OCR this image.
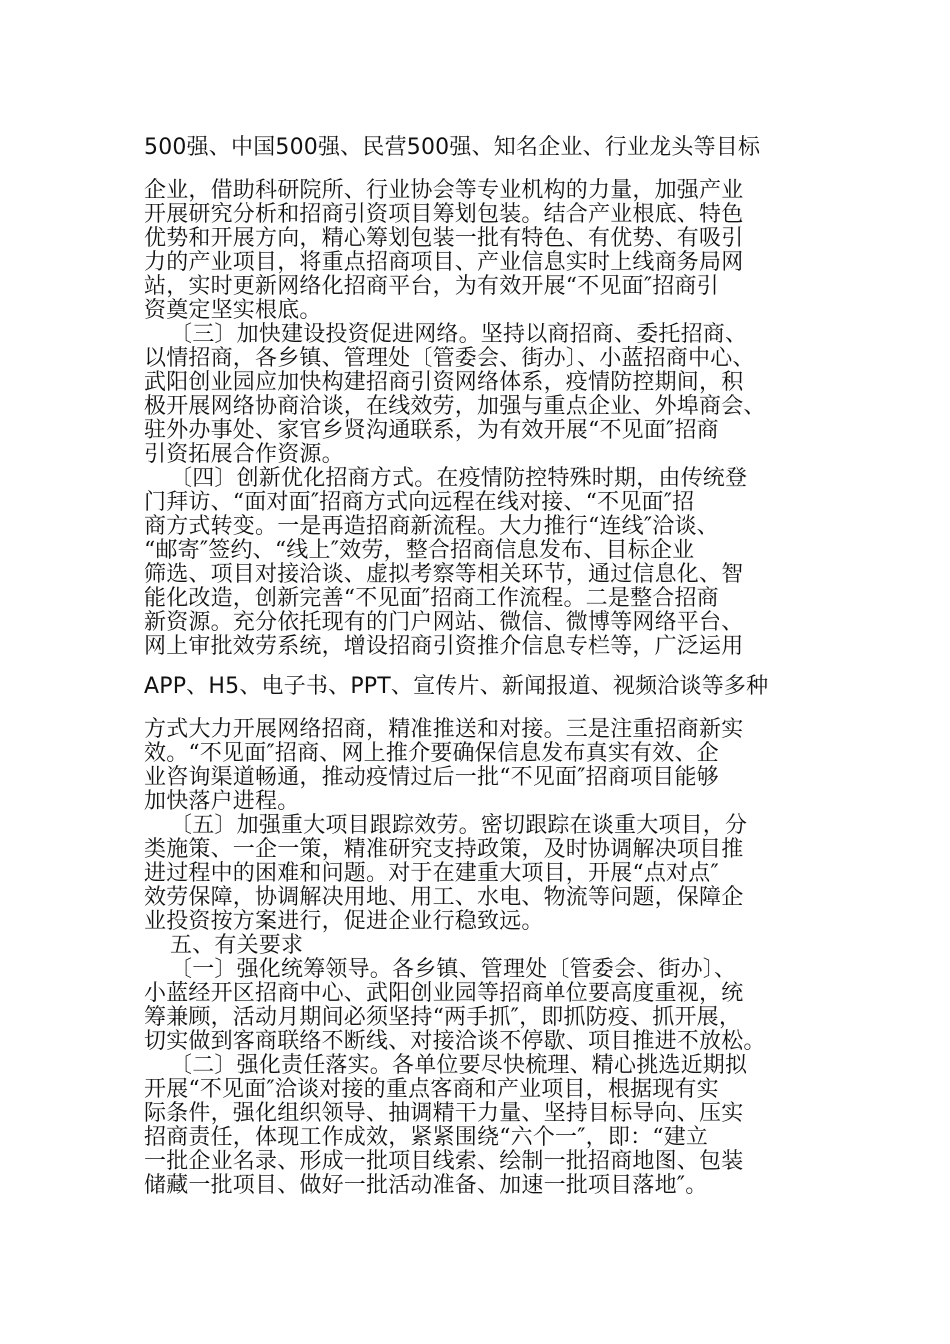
500强、中国500强、民营500强、知名企业、行业龙头等目标
企业，借助科研院所、行业协会等专业机构的力量，加强产业
开展研究分析和招商引资项目筹划包装。结合产业根底、特色
优势和开展方向，精心筹划包装一批有特色、有优势、有吸引
力的产业项目，将重点招商项目、产业信息实时上线商务局网
站，实时更新网络化招商平台，为有效开展“不见面″招商引
资奠定坚实根底。
〔三〕加快建设投资促进网络。坚持以商招商、委托招商、
以情招商，各乡镇、管理处〔管委会、街办〕、小蓝招商中心、
武阳创业园应加快构建招商引资网络体系，疫情防控期间，积
极开展网络协商洽谈，在线效劳，加强与重点企业、外埠商会、
驻外办事处、家官乡贤沟通联系，为有效开展“不见面″招商
引资拓展合作资源。
〔四〕创新优化招商方式。在疫情防控特殊时期，由传统登
门拜访、“面对面″招商方式向远程在线对接、“不见面″招
商方式转变。一是再造招商新流程。大力推行“连线″洽谈、
“邮寄″签约、“线上″效劳，整合招商信息发布、目标企业
筛选、项目对接洽谈、虚拟考察等相关环节，通过信息化、智
能化改造，创新完善“不见面″招商工作流程。二是整合招商
新资源。充分依托现有的门户网站、微信、微博等网络平台、
网上审批效劳系统，增设招商引资推介信息专栏等，广泛运用
APP、H5、电子书、PPT、宣传片、新闻报道、视频洽谈等多种
方式大力开展网络招商，精准推送和对接。三是注重招商新实
效。“不见面″招商、网上推介要确保信息发布真实有效、企
业咨询渠道畅通，推动疫情过后一批“不见面″招商项目能够
加快落户进程。
〔五〕加强重大项目跟踪效劳。密切跟踪在谈重大项目，分
类施策、一企一策，精准研究支持政策，及时协调解决项目推
进过程中的困难和问题。对于在建重大项目，开展“点对点″
效劳保障，协调解决用地、用工、水电、物流等问题，保障企
业投资按方案进行，促进企业行稳致远。
五、有关要求
〔一〕强化统筹领导。各乡镇、管理处〔管委会、街办〕、
小蓝经开区招商中心、武阳创业园等招商单位要高度重视，统
筹兼顾，活动月期间必须坚持“两手抓″，即抓防疫、抓开展，
切实做到客商联络不断线、对接洽谈不停歇、项目推进不放松。
〔二〕强化责任落实。各单位要尽快梳理、精心挑选近期拟
开展“不见面″洽谈对接的重点客商和产业项目，根据现有实
际条件，强化组织领导、抽调精干力量、坚持目标导向、压实
招商责任，体现工作成效，紧紧围绕“六个一″，即：“建立
一批企业名录、形成一批项目线索、绘制一批招商地图、包装
储藏一批项目、做好一批活动准备、加速一批项目落地″。
